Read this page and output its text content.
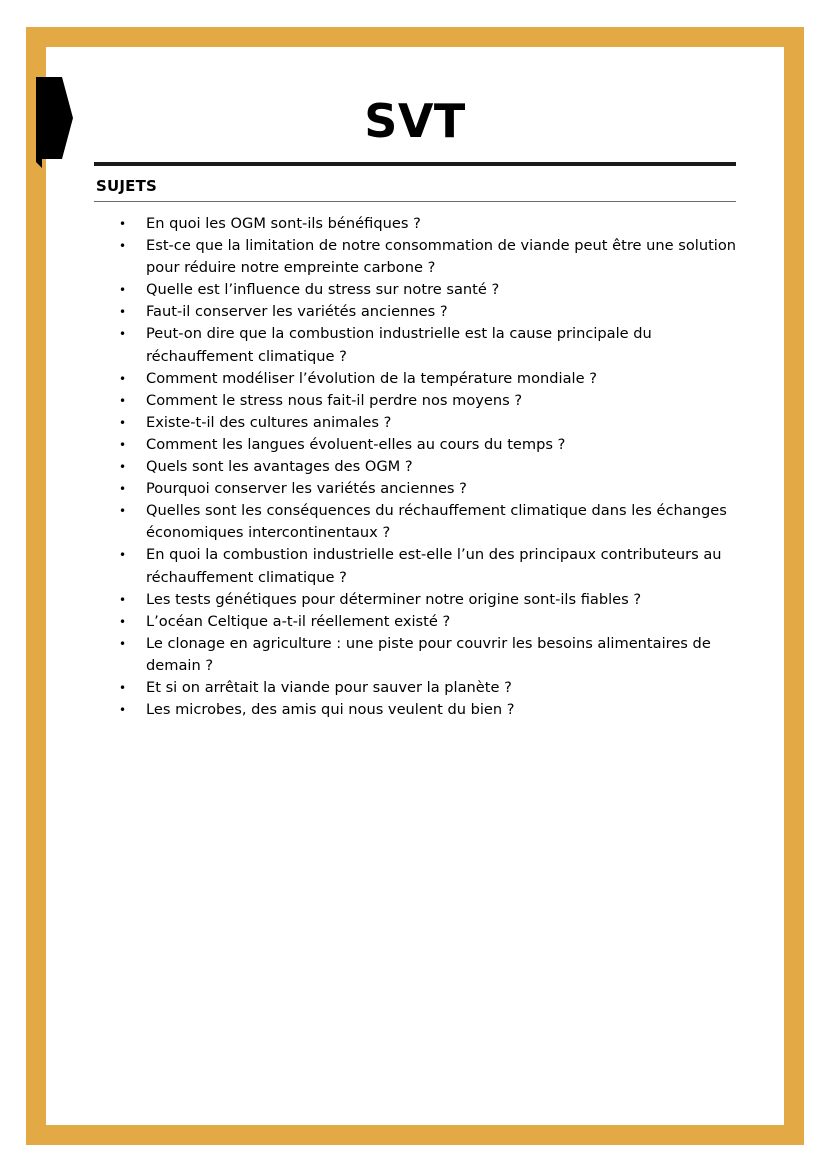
SVT
SUJETS
• En quoi les OGM sont-ils bénéfiques ?
• Est-ce que la limitation de notre consommation de viande peut être une solution pour réduire notre empreinte carbone ?
• Quelle est l’influence du stress sur notre santé ?
• Faut-il conserver les variétés anciennes ?
• Peut-on dire que la combustion industrielle est la cause principale du réchauffement climatique ?
• Comment modéliser l’évolution de la température mondiale ?
• Comment le stress nous fait-il perdre nos moyens ?
• Existe-t-il des cultures animales ?
• Comment les langues évoluent-elles au cours du temps ?
• Quels sont les avantages des OGM ?
• Pourquoi conserver les variétés anciennes ?
• Quelles sont les conséquences du réchauffement climatique dans les échanges économiques intercontinentaux ?
• En quoi la combustion industrielle est-elle l’un des principaux contributeurs au réchauffement climatique ?
• Les tests génétiques pour déterminer notre origine sont-ils fiables ?
• L’océan Celtique a-t-il réellement existé ?
• Le clonage en agriculture : une piste pour couvrir les besoins alimentaires de demain ?
• Et si on arrêtait la viande pour sauver la planète ?
• Les microbes, des amis qui nous veulent du bien ?
